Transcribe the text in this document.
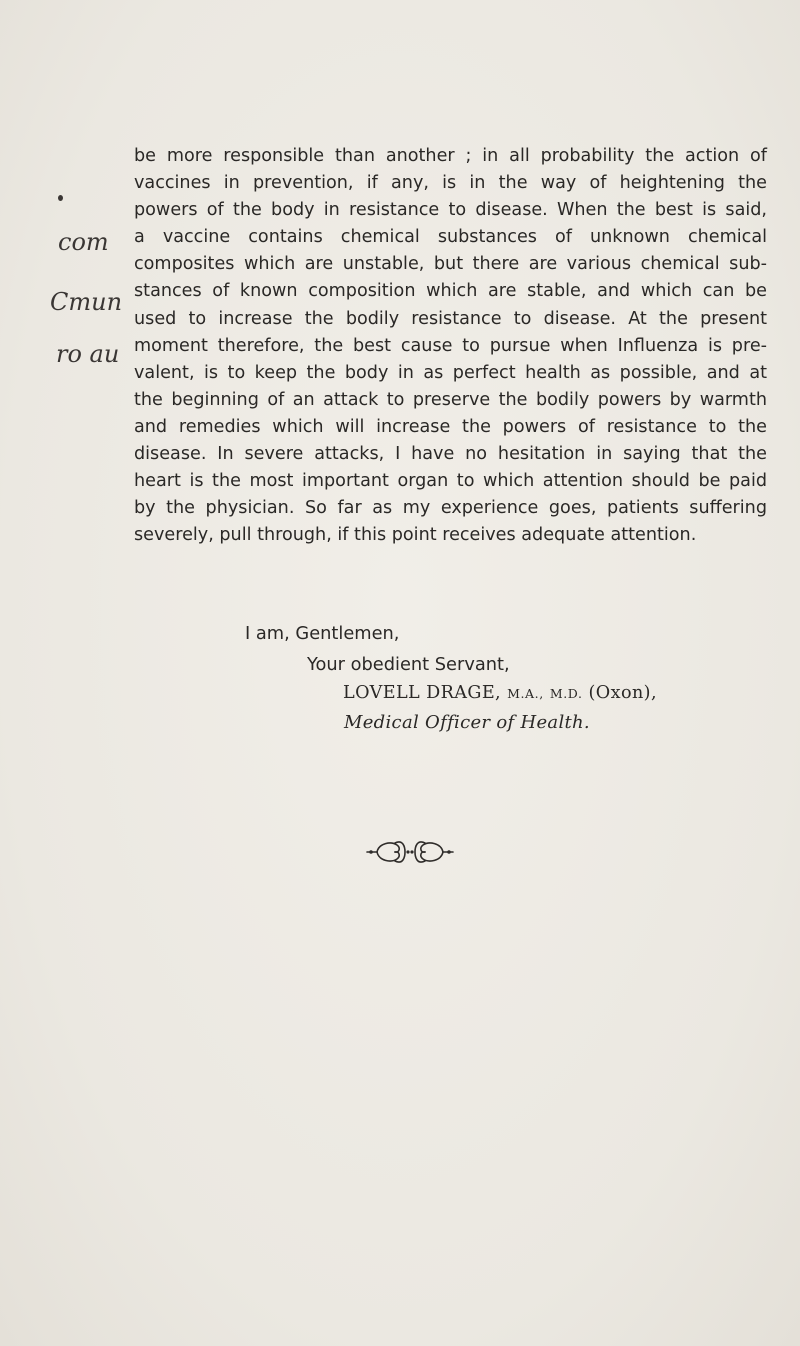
com
Cmun
ro au
be more responsible than another ; in all probability the action of
vaccines in prevention, if any, is in the way of heightening the
powers of the body in resistance to disease. When the best is said,
a vaccine contains chemical substances of unknown chemical
composites which are unstable, but there are various chemical sub-
stances of known composition which are stable, and which can be
used to increase the bodily resistance to disease. At the present
moment therefore, the best cause to pursue when Influenza is pre-
valent, is to keep the body in as perfect health as possible, and at
the beginning of an attack to preserve the bodily powers by warmth
and remedies which will increase the powers of resistance to the
disease. In severe attacks, I have no hesitation in saying that the
heart is the most important organ to which attention should be paid
by the physician. So far as my experience goes, patients suffering
severely, pull through, if this point receives adequate attention.
I am, Gentlemen,
Your obedient Servant,
LOVELL DRAGE, M.A., M.D. (Oxon),
Medical Officer of Health.
